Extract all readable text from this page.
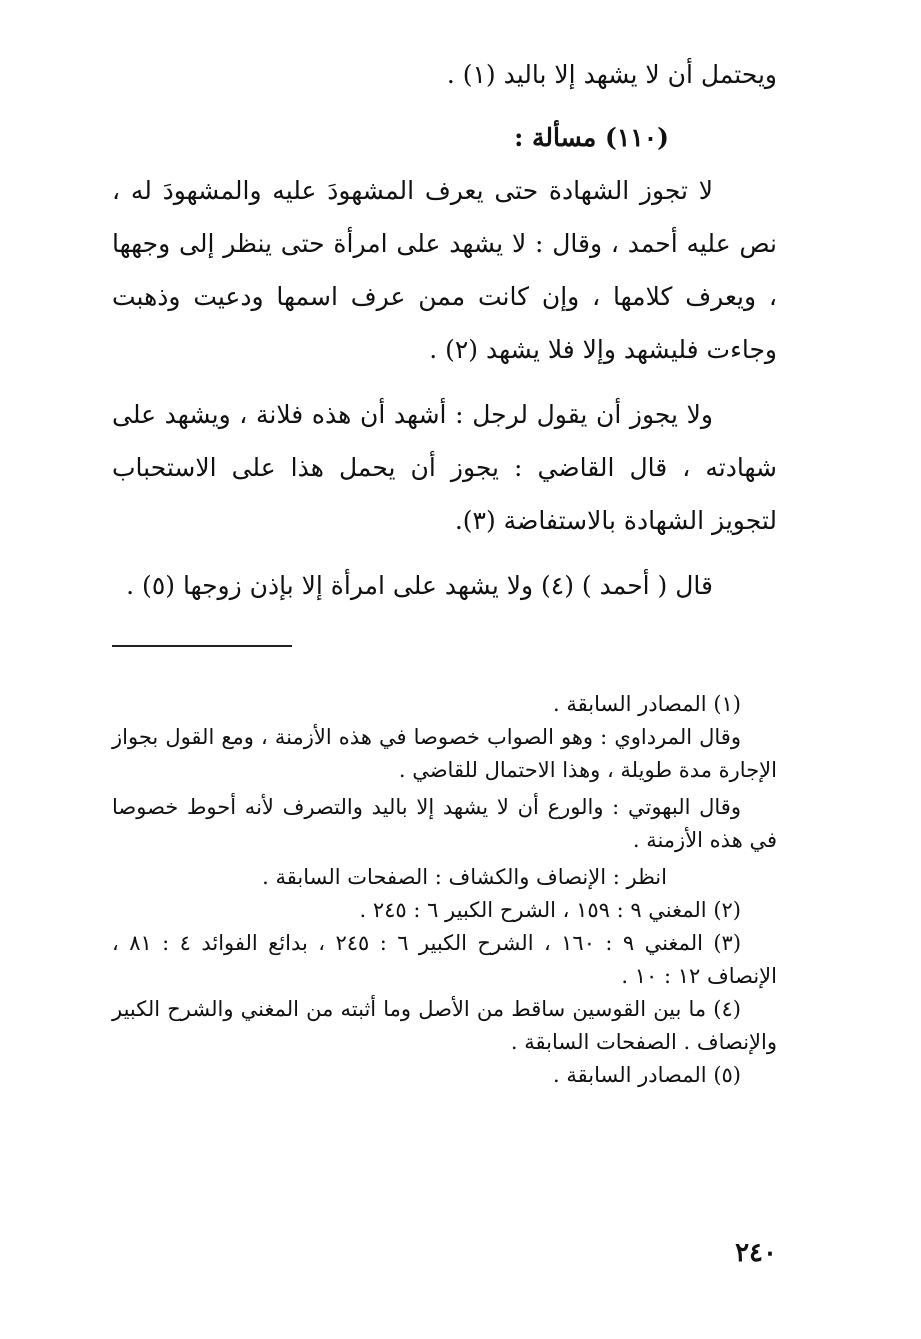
ويحتمل أن لا يشهد إلا باليد (١) .

(١١٠) مسألة :

لا تجوز الشهادة حتى يعرف المشهودَ عليه والمشهودَ له ، نص عليه أحمد ، وقال : لا يشهد على امرأة حتى ينظر إلى وجهها ، ويعرف كلامها ، وإن كانت ممن عرف اسمها ودعيت وذهبت وجاءت فليشهد وإلا فلا يشهد (٢) .

ولا يجوز أن يقول لرجل : أشهد أن هذه فلانة ، ويشهد على شهادته ، قال القاضي : يجوز أن يحمل هذا على الاستحباب لتجويز الشهادة بالاستفاضة (٣).

قال ( أحمد ) (٤) ولا يشهد على امرأة إلا بإذن زوجها (٥) .

(١) المصادر السابقة .

وقال المرداوي : وهو الصواب خصوصا في هذه الأزمنة ، ومع القول بجواز الإجارة مدة طويلة ، وهذا الاحتمال للقاضي .

وقال البهوتي : والورع أن لا يشهد إلا باليد والتصرف لأنه أحوط خصوصا في هذه الأزمنة .

انظر : الإنصاف والكشاف : الصفحات السابقة .

(٢) المغني ٩ : ١٥٩ ، الشرح الكبير ٦ : ٢٤٥ .

(٣) المغني ٩ : ١٦٠ ، الشرح الكبير ٦ : ٢٤٥ ، بدائع الفوائد ٤ : ٨١ ، الإنصاف ١٢ : ١٠ .

(٤) ما بين القوسين ساقط من الأصل وما أثبته من المغني والشرح الكبير والإنصاف . الصفحات السابقة .

(٥) المصادر السابقة .

٢٤٠
